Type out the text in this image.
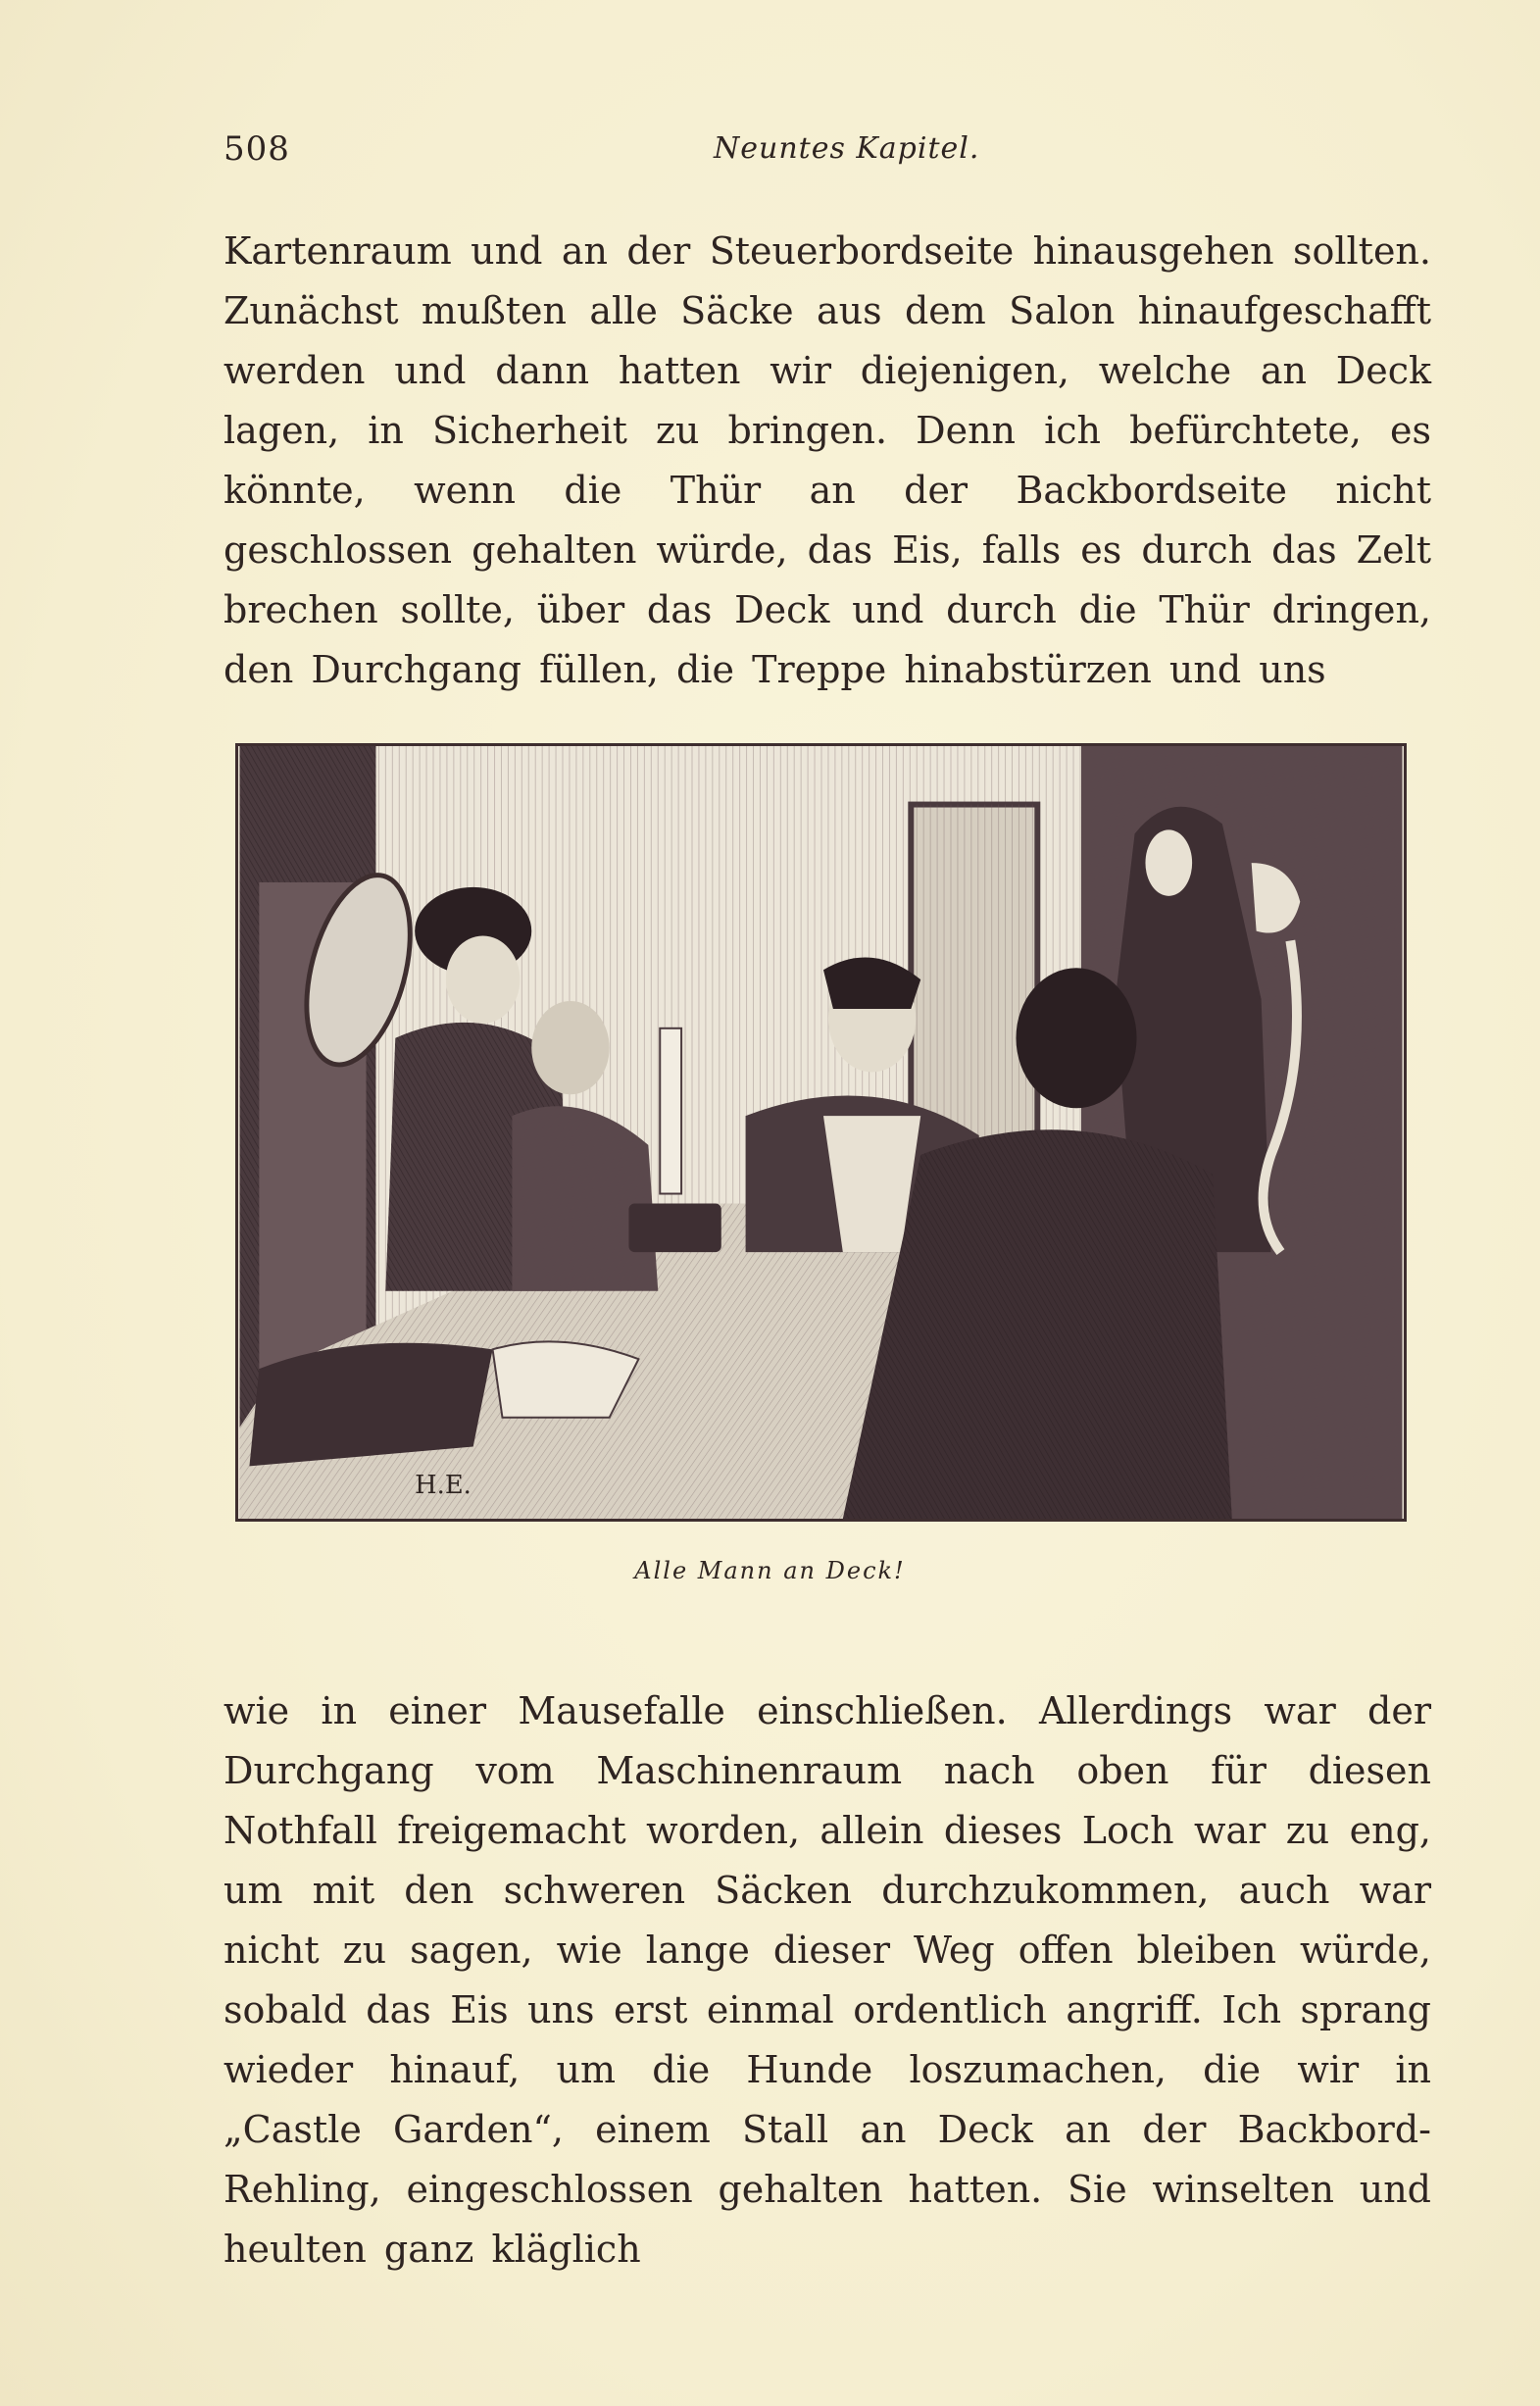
508	Neuntes Kapitel.

Kartenraum und an der Steuerbordseite hinausgehen sollten. Zunächst mußten alle Säcke aus dem Salon hinaufgeschafft werden und dann hatten wir diejenigen, welche an Deck lagen, in Sicherheit zu bringen. Denn ich befürchtete, es könnte, wenn die Thür an der Backbordseite nicht geschlossen gehalten würde, das Eis, falls es durch das Zelt brechen sollte, über das Deck und durch die Thür dringen, den Durchgang füllen, die Treppe hinabstürzen und uns

H.E.
Alle Mann an Deck!

wie in einer Mausefalle einschließen. Allerdings war der Durchgang vom Maschinenraum nach oben für diesen Nothfall freigemacht worden, allein dieses Loch war zu eng, um mit den schweren Säcken durchzukommen, auch war nicht zu sagen, wie lange dieser Weg offen bleiben würde, sobald das Eis uns erst einmal ordentlich angriff. Ich sprang wieder hinauf, um die Hunde loszumachen, die wir in „Castle Garden“, einem Stall an Deck an der Backbord-Rehling, eingeschlossen gehalten hatten. Sie winselten und heulten ganz kläglich
